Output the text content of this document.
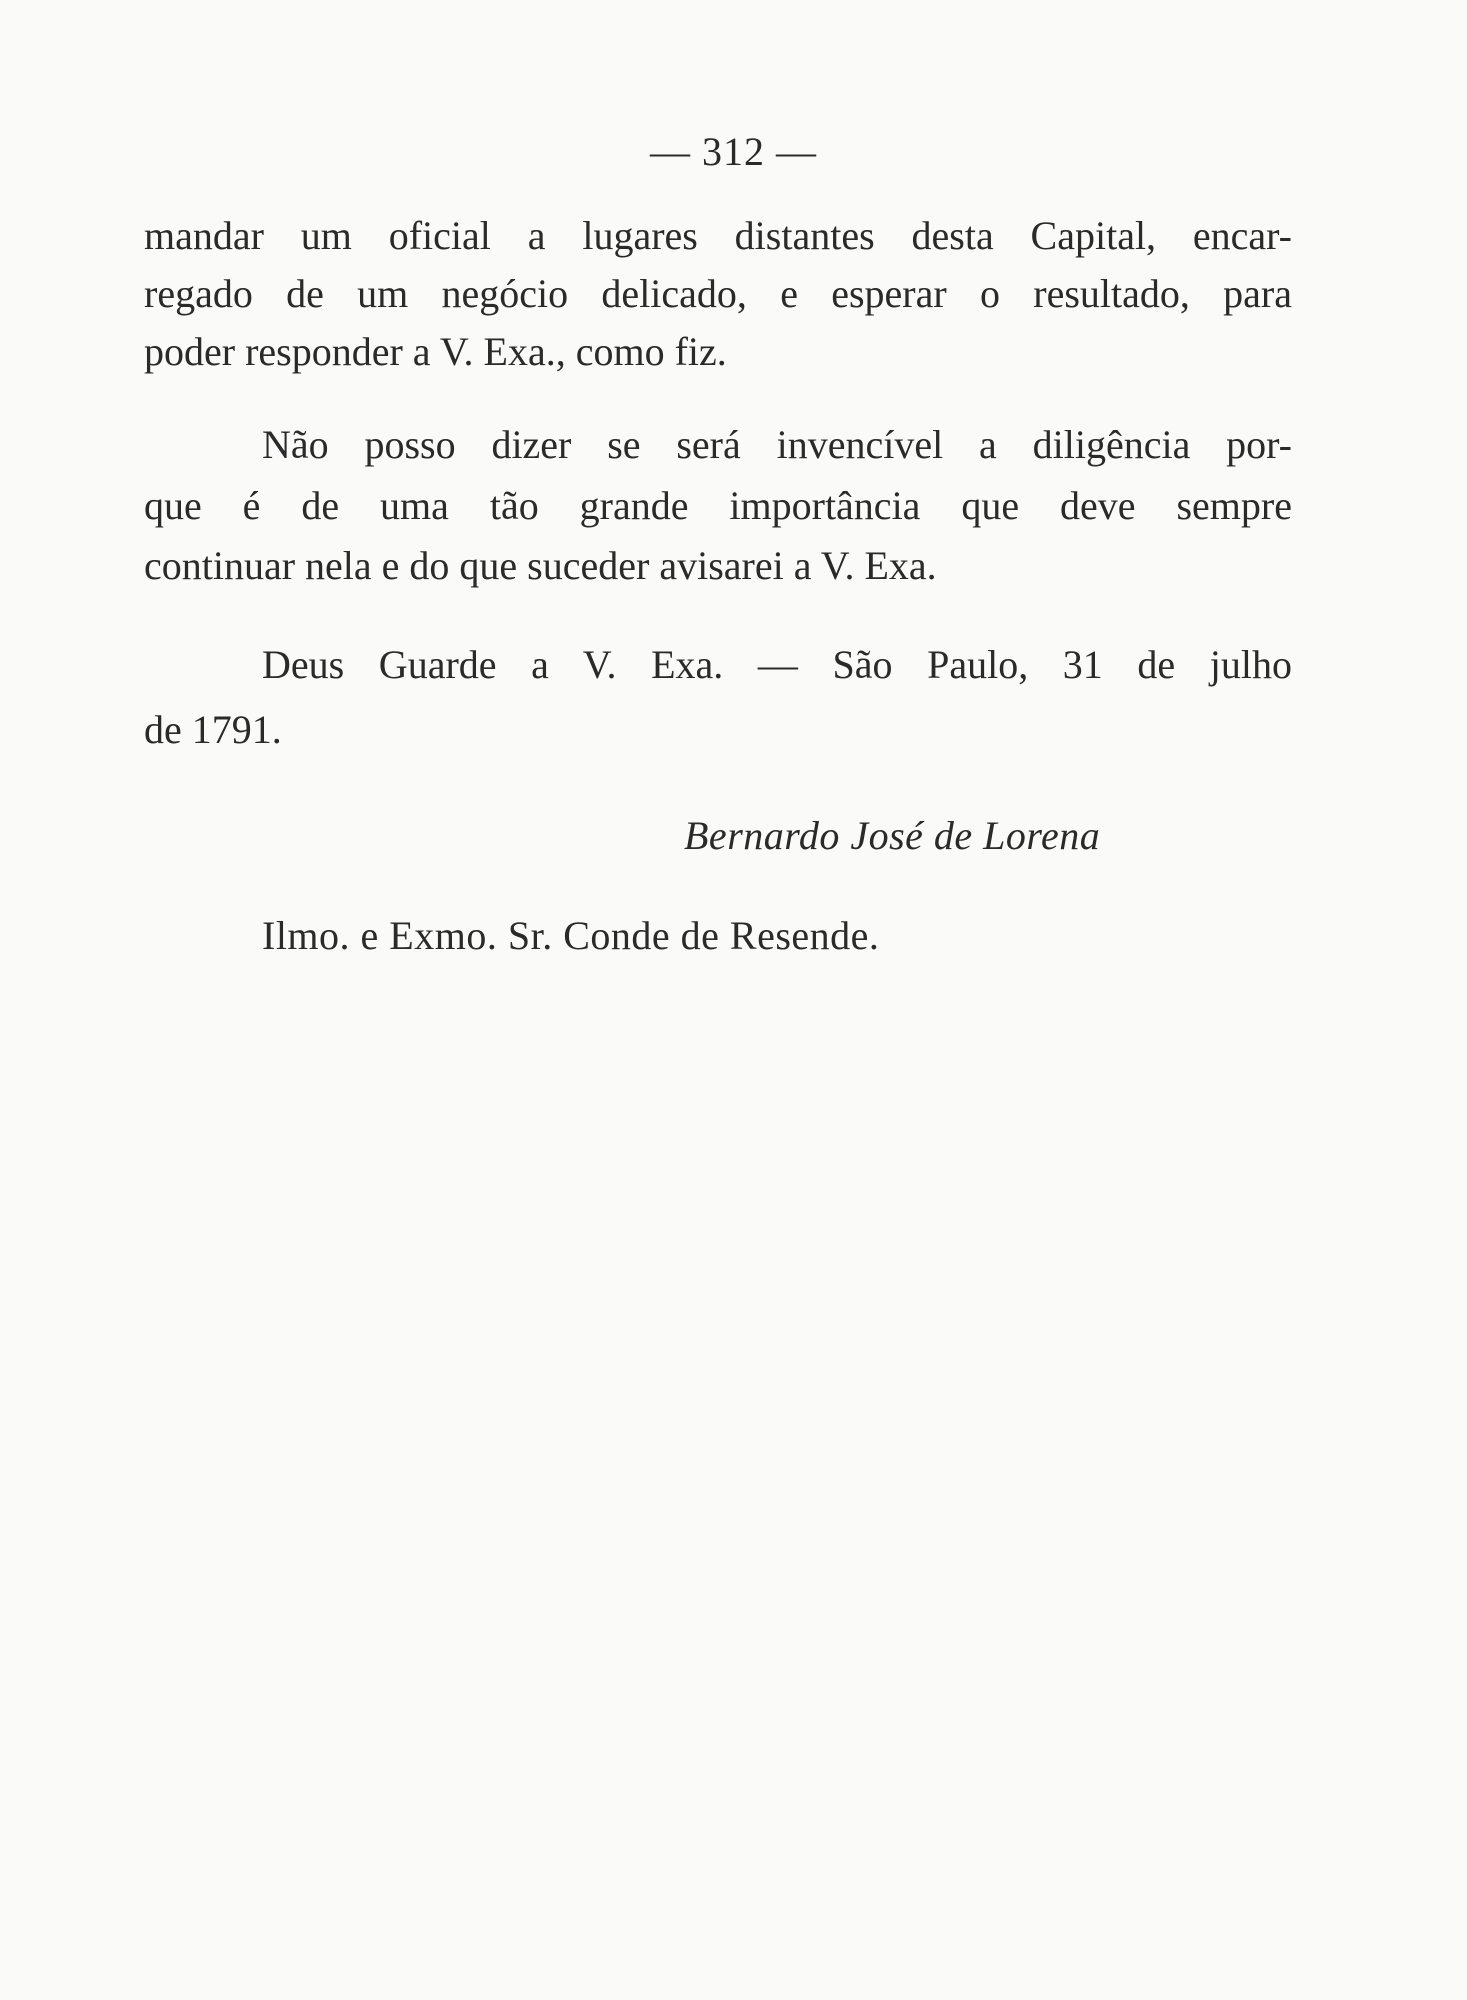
— 312 —
mandar um oficial a lugares distantes desta Capital, encar-
regado de um negócio delicado, e esperar o resultado, para
poder responder a V. Exa., como fiz.
Não posso dizer se será invencível a diligência por-
que é de uma tão grande importância que deve sempre
continuar nela e do que suceder avisarei a V. Exa.
Deus Guarde a V. Exa. — São Paulo, 31 de julho
de 1791.
Bernardo José de Lorena
Ilmo. e Exmo. Sr. Conde de Resende.
